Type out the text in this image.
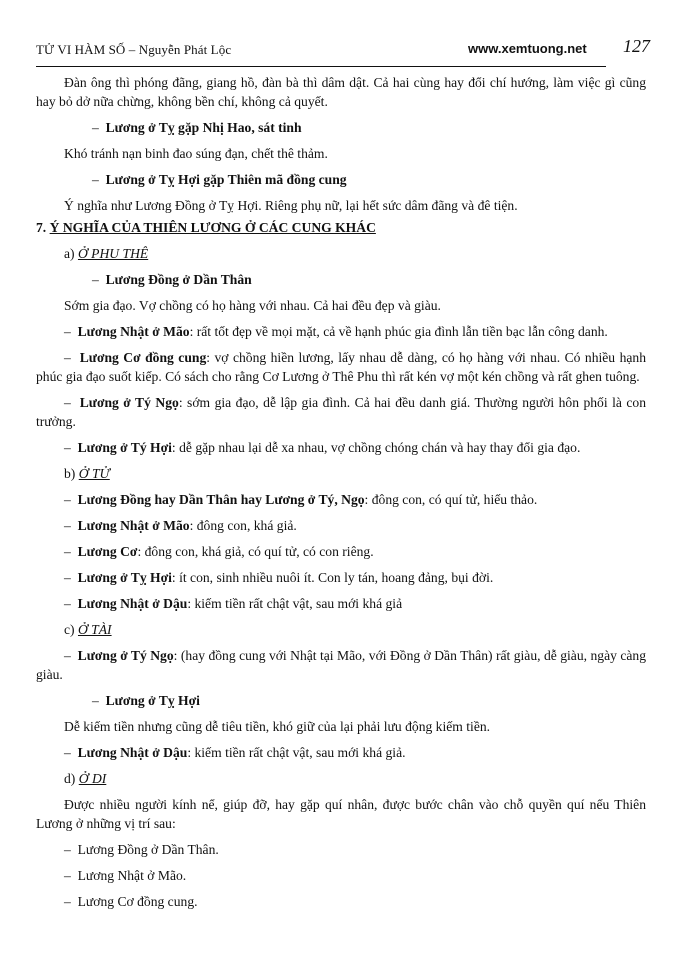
TỬ VI HÀM SỐ – Nguyễn Phát Lộc	www.xemtuong.net 127

Đàn ông thì phóng đãng, giang hồ, đàn bà thì dâm dật. Cả hai cùng hay đổi chí hướng, làm việc gì cũng hay bỏ dở nữa chừng, không bền chí, không cả quyết.

– Lương ở Tỵ gặp Nhị Hao, sát tinh

Khó tránh nạn binh đao súng đạn, chết thê thảm.

– Lương ở Tỵ Hợi gặp Thiên mã đồng cung

Ý nghĩa như Lương Đồng ở Tỵ Hợi. Riêng phụ nữ, lại hết sức dâm đãng và đê tiện.

7. Ý NGHĨA CỦA THIÊN LƯƠNG Ở CÁC CUNG KHÁC

a) Ở PHU THÊ

– Lương Đồng ở Dần Thân

Sớm gia đạo. Vợ chồng có họ hàng với nhau. Cả hai đều đẹp và giàu.

– Lương Nhật ở Mão: rất tốt đẹp về mọi mặt, cả về hạnh phúc gia đình lẫn tiền bạc lẫn công danh.

– Lương Cơ đồng cung: vợ chồng hiền lương, lấy nhau dễ dàng, có họ hàng với nhau. Có nhiều hạnh phúc gia đạo suốt kiếp. Có sách cho rằng Cơ Lương ở Thê Phu thì rất kén vợ một kén chồng và rất ghen tuông.

– Lương ở Tý Ngọ: sớm gia đạo, dễ lập gia đình. Cả hai đều danh giá. Thường người hôn phối là con trưởng.

– Lương ở Tý Hợi: dễ gặp nhau lại dễ xa nhau, vợ chồng chóng chán và hay thay đổi gia đạo.

b) Ở TỬ

– Lương Đồng hay Dần Thân hay Lương ở Tý, Ngọ: đông con, có quí tử, hiếu thảo.

– Lương Nhật ở Mão: đông con, khá giả.

– Lương Cơ: đông con, khá giả, có quí tử, có con riêng.

– Lương ở Tỵ Hợi: ít con, sinh nhiều nuôi ít. Con ly tán, hoang đảng, bụi đời.

– Lương Nhật ở Dậu: kiếm tiền rất chật vật, sau mới khá giả

c) Ở TÀI

– Lương ở Tý Ngọ: (hay đồng cung với Nhật tại Mão, với Đồng ở Dần Thân) rất giàu, dễ giàu, ngày càng giàu.

– Lương ở Tỵ Hợi

Dễ kiếm tiền nhưng cũng dễ tiêu tiền, khó giữ của lại phải lưu động kiếm tiền.

– Lương Nhật ở Dậu: kiếm tiền rất chật vật, sau mới khá giả.

d) Ở DI

Được nhiều người kính nể, giúp đỡ, hay gặp quí nhân, được bước chân vào chỗ quyền quí nếu Thiên Lương ở những vị trí sau:

– Lương Đồng ở Dần Thân.

– Lương Nhật ở Mão.

– Lương Cơ đồng cung.
